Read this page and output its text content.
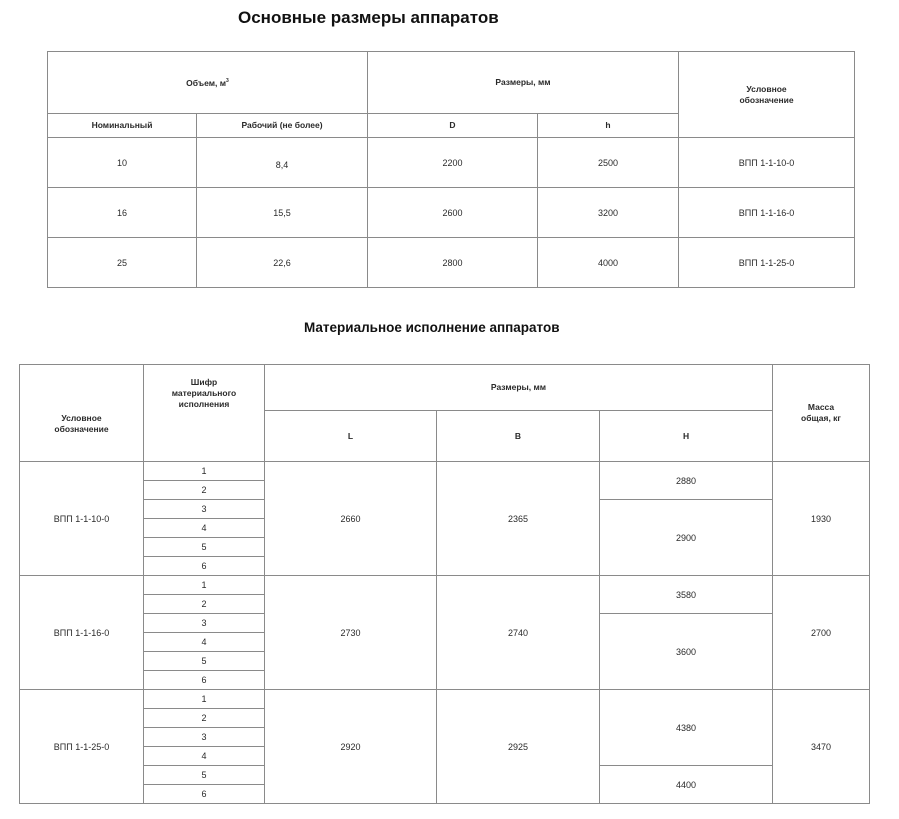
Основные размеры аппаратов
Объем, $м^3$		Размеры, мм		Условное обозначение
Номинальный	Рабочий (не более)	D	h	
10	8,4	2200	2500	ВПП 1-1-10-0
16	15,5	2600	3200	ВПП 1-1-16-0
25	22,6	2800	4000	ВПП 1-1-25-0
Материальное исполнение аппаратов
Условное обозначение	Шифр материального исполнения	Размеры, мм			Масса общая, кг
		L	B	H	
ВПП 1-1-10-0	1	2660	2365	2880	1930
	2				
	3			2900	
	4				
	5				
	6				
ВПП 1-1-16-0	1	2730	2740	3580	2700
	2				
	3			3600	
	4				
	5				
	6				
ВПП 1-1-25-0	1	2920	2925	4380	3470
	2				
	3				
	4				
	5			4400	
	6				
